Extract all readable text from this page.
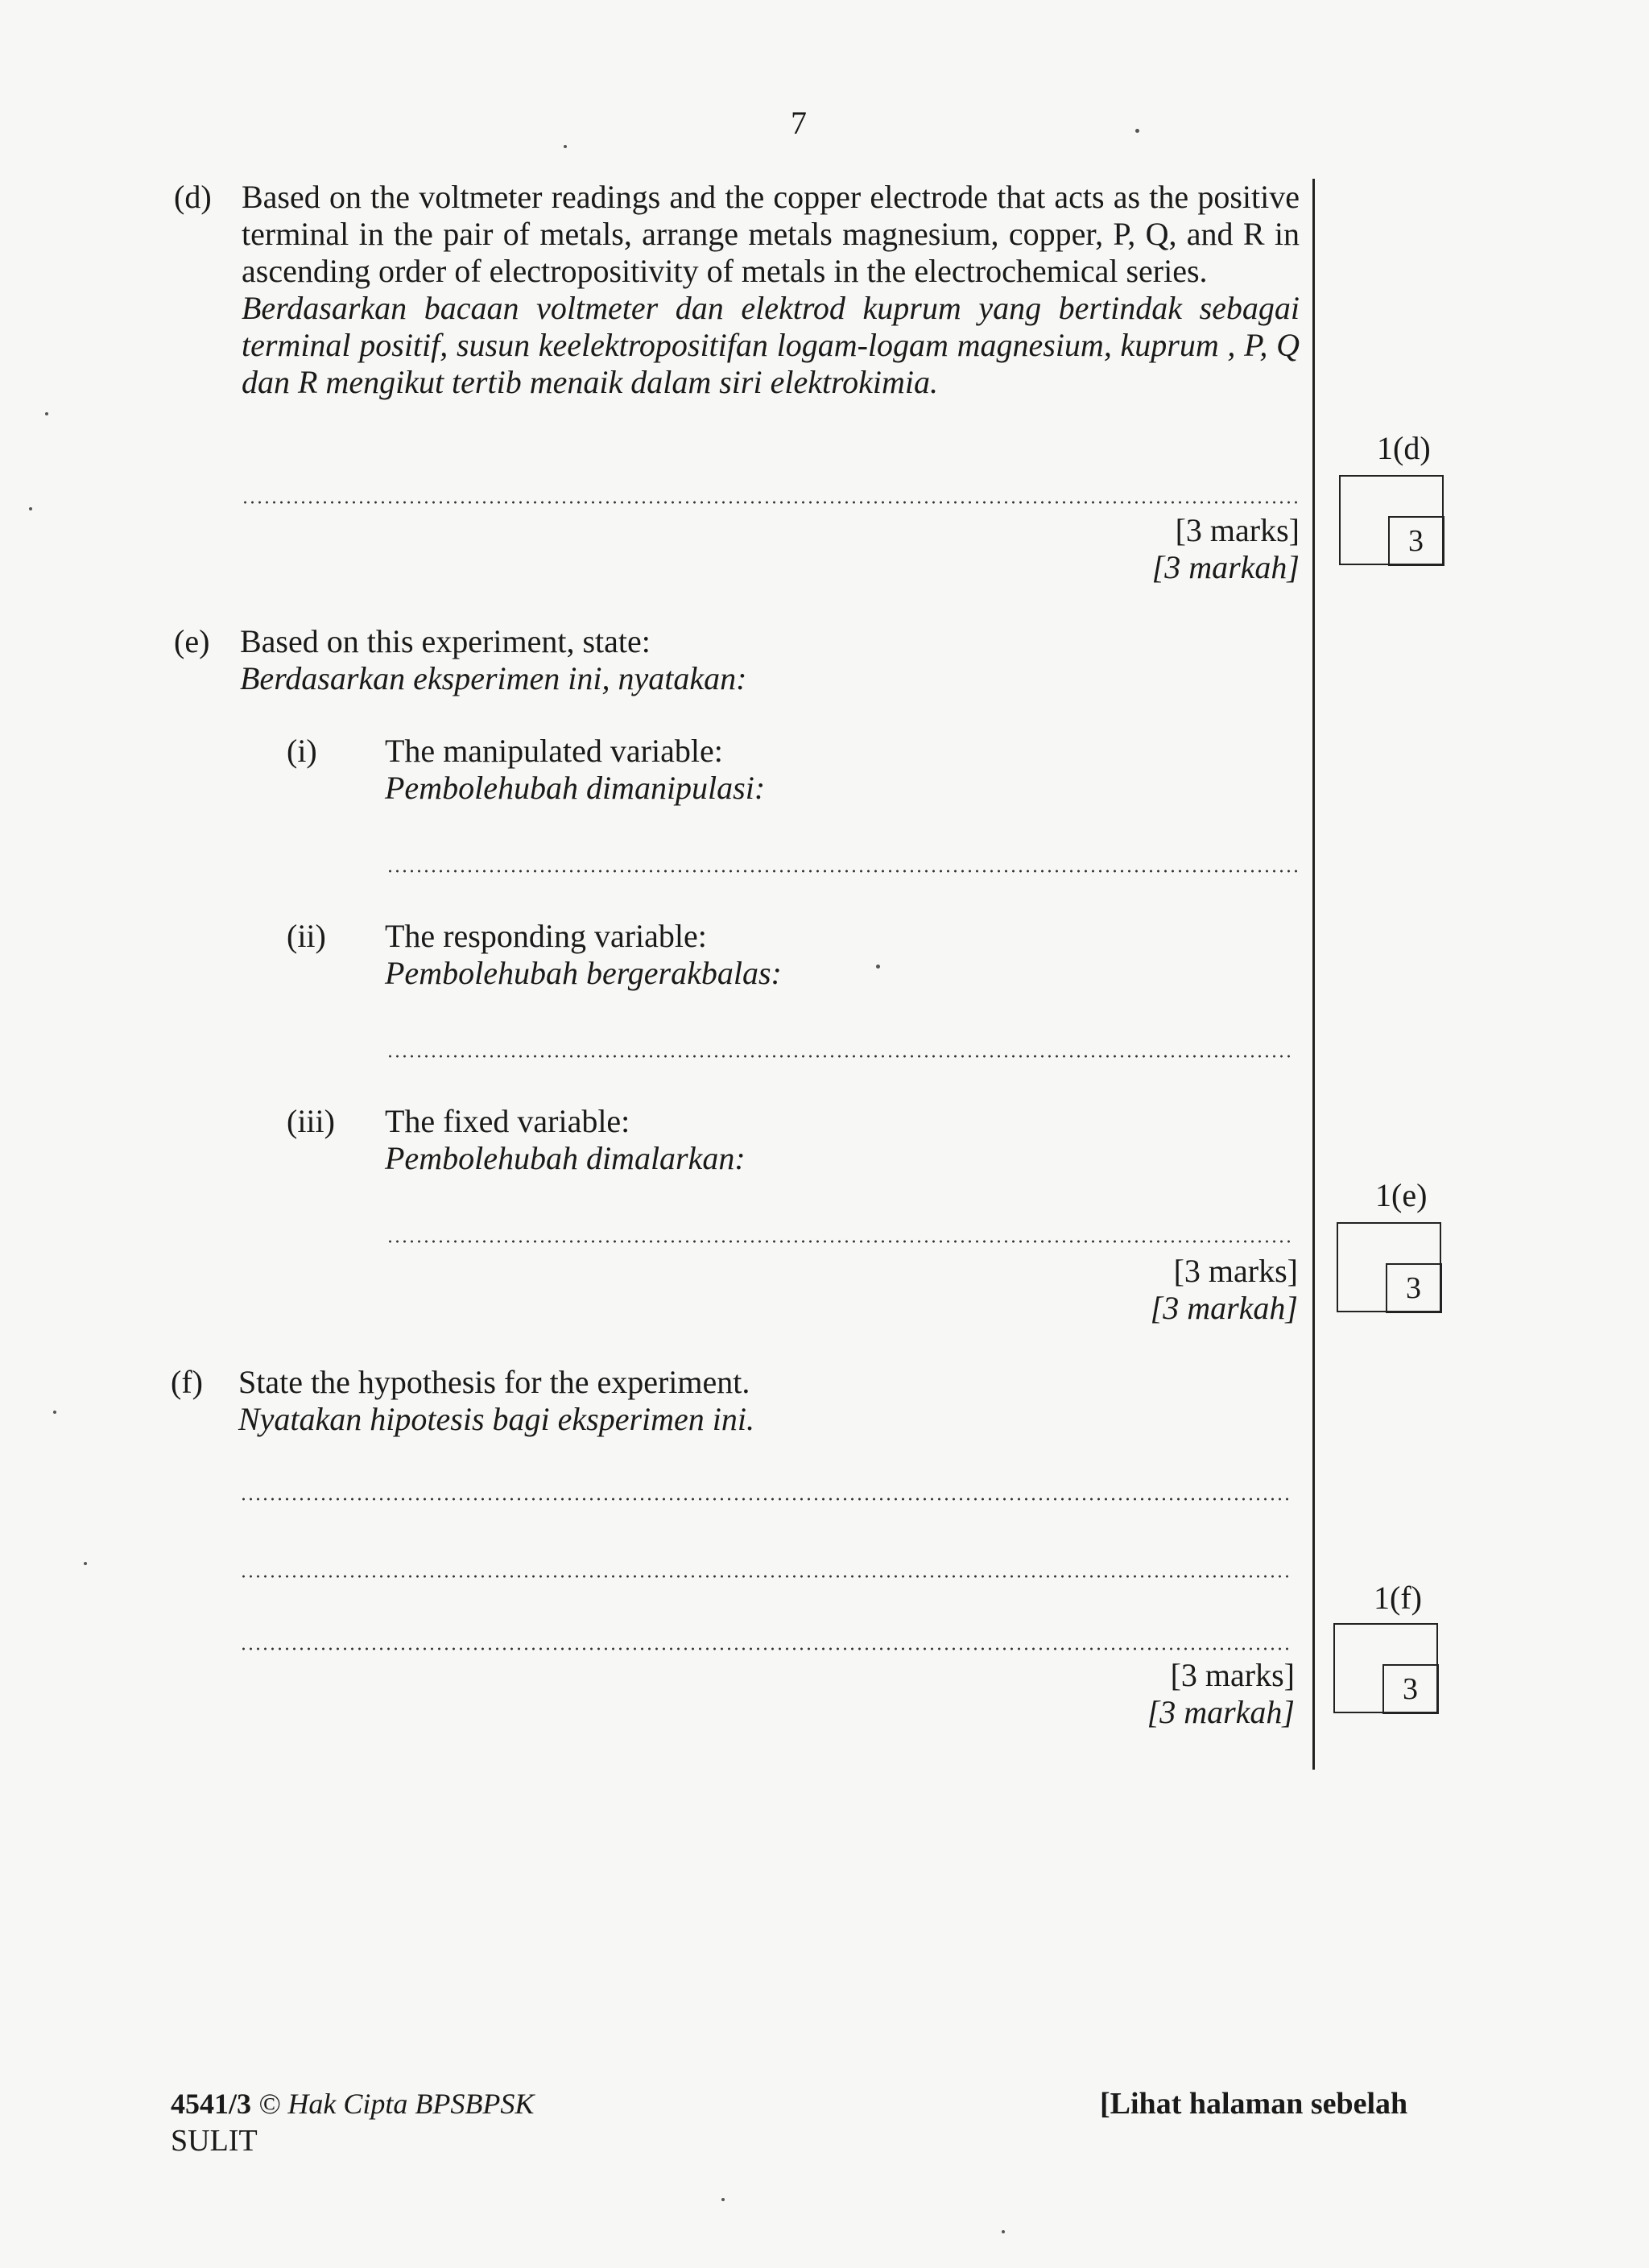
7
(d) Based on the voltmeter readings and the copper electrode that acts as the positive
terminal in the pair of metals, arrange metals magnesium, copper, P, Q, and R in
ascending order of electropositivity of metals in the electrochemical series.
Berdasarkan bacaan voltmeter dan elektrod kuprum yang bertindak sebagai
terminal positif, susun keelektropositifan logam-logam magnesium, kuprum , P, Q
dan R mengikut tertib menaik dalam siri elektrokimia.
[3 marks]
[3 markah]
1(d)
3
(e) Based on this experiment, state:
Berdasarkan eksperimen ini, nyatakan:
(i) The manipulated variable:
Pembolehubah dimanipulasi:
(ii) The responding variable:
Pembolehubah bergerakbalas:
(iii) The fixed variable:
Pembolehubah dimalarkan:
[3 marks]
[3 markah]
1(e)
3
(f) State the hypothesis for the experiment.
Nyatakan hipotesis bagi eksperimen ini.
[3 marks]
[3 markah]
1(f)
3
4541/3 © Hak Cipta BPSBPSK
SULIT
[Lihat halaman sebelah
